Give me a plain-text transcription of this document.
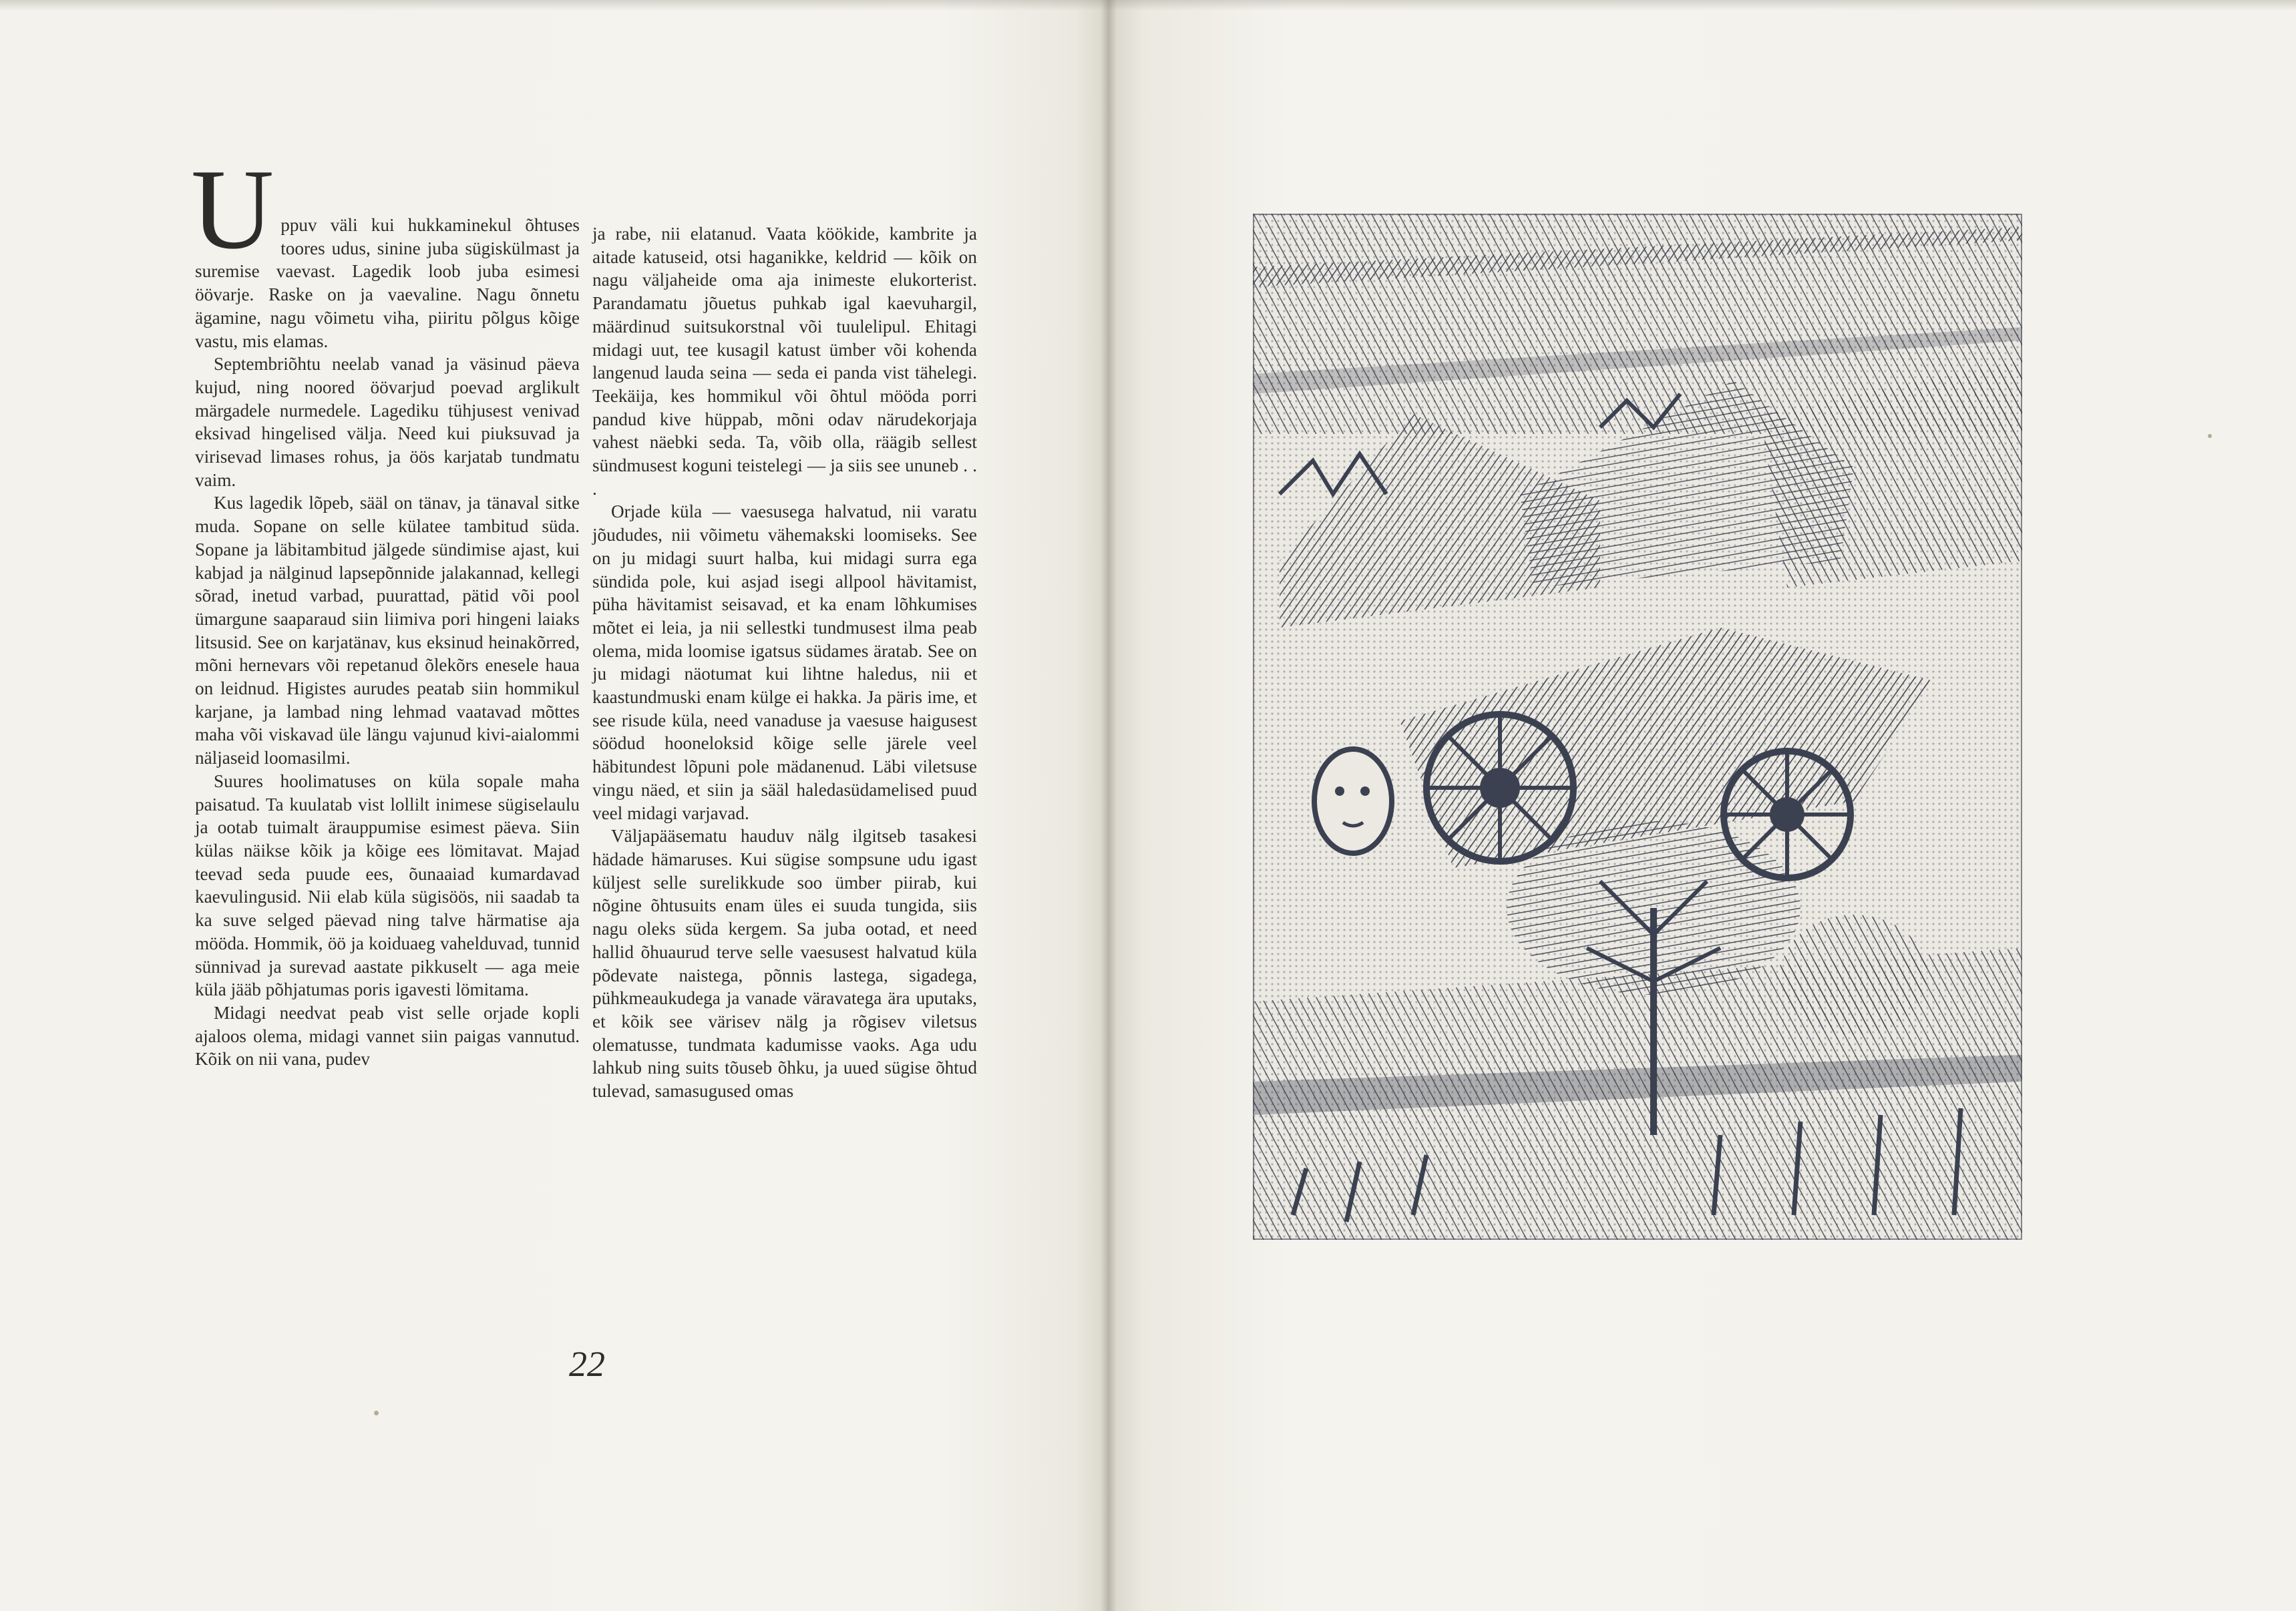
Uppuv väli kui hukkaminekul õhtuses toores udus, sinine juba sügiskülmast ja suremise vaevast. Lagedik loob juba esimesi öövarje. Raske on ja vaevaline. Nagu õnnetu ägamine, nagu võimetu viha, piiritu põlgus kõige vastu, mis elamas.

Septembriõhtu neelab vanad ja väsinud päeva kujud, ning noored öövarjud poevad arglikult märgadele nurmedele. Lagediku tühjusest venivad eksivad hingelised välja. Need kui piuksuvad ja virisevad limases rohus, ja öös karjatab tundmatu vaim.

Kus lagedik lõpeb, sääl on tänav, ja tänaval sitke muda. Sopane on selle külatee tambitud süda. Sopane ja läbitambitud jälgede sündimise ajast, kui kabjad ja nälginud lapsepõnnide jalakannad, kellegi sõrad, inetud varbad, puurattad, pätid või pool ümargune saaparaud siin liimiva pori hingeni laiaks litsusid. See on karjatänav, kus eksinud heinakõrred, mõni hernevars või repetanud õlekõrs enesele haua on leidnud. Higistes aurudes peatab siin hommikul karjane, ja lambad ning lehmad vaatavad mõttes maha või viskavad üle längu vajunud kivi-aialommi näljaseid loomasilmi.

Suures hoolimatuses on küla sopale maha paisatud. Ta kuulatab vist lollilt inimese sügiselaulu ja ootab tuimalt ärauppumise esimest päeva. Siin külas näikse kõik ja kõige ees lömitavat. Majad teevad seda puude ees, õunaaiad kumardavad kaevulingusid. Nii elab küla sügisöös, nii saadab ta ka suve selged päevad ning talve härmatise aja mööda. Hommik, öö ja koiduaeg vahelduvad, tunnid sünnivad ja surevad aastate pikkuselt — aga meie küla jääb põhjatumas poris igavesti lömitama.

Midagi needvat peab vist selle orjade kopli ajaloos olema, midagi vannet siin paigas vannutud. Kõik on nii vana, pudev

ja rabe, nii elatanud. Vaata köökide, kambrite ja aitade katuseid, otsi haganikke, keldrid — kõik on nagu väljaheide oma aja inimeste elukorterist. Parandamatu jõuetus puhkab igal kaevuhargil, määrdinud suitsukorstnal või tuulelipul. Ehitagi midagi uut, tee kusagil katust ümber või kohenda langenud lauda seina — seda ei panda vist tähelegi. Teekäija, kes hommikul või õhtul mööda porri pandud kive hüppab, mõni odav närudekorjaja vahest näebki seda. Ta, võib olla, räägib sellest sündmusest koguni teistelegi — ja siis see ununeb . . .

Orjade küla — vaesusega halvatud, nii varatu jõududes, nii võimetu vähemakski loomiseks. See on ju midagi suurt halba, kui midagi surra ega sündida pole, kui asjad isegi allpool hävitamist, püha hävitamist seisavad, et ka enam lõhkumises mõtet ei leia, ja nii sellestki tundmusest ilma peab olema, mida loomise igatsus südames äratab. See on ju midagi näotumat kui lihtne haledus, nii et kaastundmuski enam külge ei hakka. Ja päris ime, et see risude küla, need vanaduse ja vaesuse haigusest söödud hooneloksid kõige selle järele veel häbitundest lõpuni pole mädanenud. Läbi viletsuse vingu näed, et siin ja sääl haledasüdamelised puud veel midagi varjavad.

Väljapääsematu hauduv nälg ilgitseb tasakesi hädade hämaruses. Kui sügise sompsune udu igast küljest selle surelikkude soo ümber piirab, kui nõgine õhtusuits enam üles ei suuda tungida, siis nagu oleks süda kergem. Sa juba ootad, et need hallid õhuaurud terve selle vaesusest halvatud küla põdevate naistega, põnnis lastega, sigadega, pühkmeaukudega ja vanade väravatega ära uputaks, et kõik see värisev nälg ja rõgisev viletsus olematusse, tundmata kadumisse vaoks. Aga udu lahkub ning suits tõuseb õhku, ja uued sügise õhtud tulevad, samasugused omas

22
